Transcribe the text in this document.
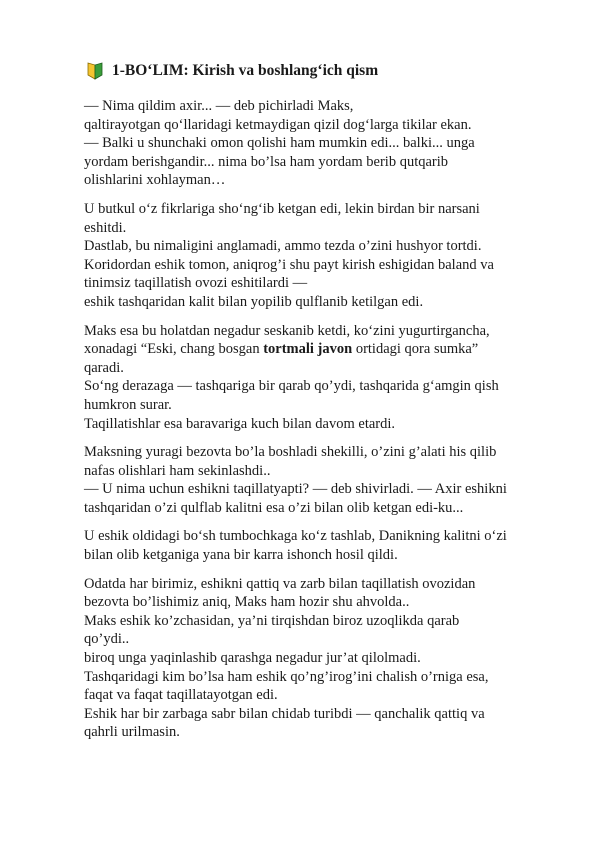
1-BO‘LIM: Kirish va boshlang‘ich qism
— Nima qildim axir... — deb pichirladi Maks,
qaltirayotgan qo‘llaridagi ketmaydigan qizil dog‘larga tikilar ekan.
— Balki u shunchaki omon qolishi ham mumkin edi... balki... unga
yordam berishgandir... nima bo’lsa ham yordam berib qutqarib
olishlarini xohlayman…
U butkul o‘z fikrlariga sho‘ng‘ib ketgan edi, lekin birdan bir narsani
eshitdi.
Dastlab, bu nimaligini anglamadi, ammo tezda o’zini hushyor tortdi.
Koridordan eshik tomon, aniqrog’i shu payt kirish eshigidan baland va
tinimsiz taqillatish ovozi eshitilardi —
eshik tashqaridan kalit bilan yopilib qulflanib ketilgan edi.
Maks esa bu holatdan negadur seskanib ketdi, ko‘zini yugurtirgancha,
xonadagi “Eski, chang bosgan tortmali javon ortidagi qora sumka”
qaradi.
So‘ng derazaga — tashqariga bir qarab qo’ydi, tashqarida g‘amgin qish
humkron surar.
Taqillatishlar esa baravariga kuch bilan davom etardi.
Maksning yuragi bezovta bo’la boshladi shekilli, o’zini g’alati his qilib
nafas olishlari ham sekinlashdi..
— U nima uchun eshikni taqillatyapti? — deb shivirladi. — Axir eshikni
tashqaridan o’zi qulflab kalitni esa o’zi bilan olib ketgan edi-ku...
U eshik oldidagi bo‘sh tumbochkaga ko‘z tashlab, Danikning kalitni o‘zi
bilan olib ketganiga yana bir karra ishonch hosil qildi.
Odatda har birimiz, eshikni qattiq va zarb bilan taqillatish ovozidan
bezovta bo’lishimiz aniq, Maks ham hozir shu ahvolda..
Maks eshik ko’zchasidan, ya’ni tirqishdan biroz uzoqlikda qarab
qo’ydi..
biroq unga yaqinlashib qarashga negadur jur’at qilolmadi.
Tashqaridagi kim bo’lsa ham eshik qo’ng’irog’ini chalish o’rniga esa,
faqat va faqat taqillatayotgan edi.
Eshik har bir zarbaga sabr bilan chidab turibdi — qanchalik qattiq va
qahrli urilmasin.
